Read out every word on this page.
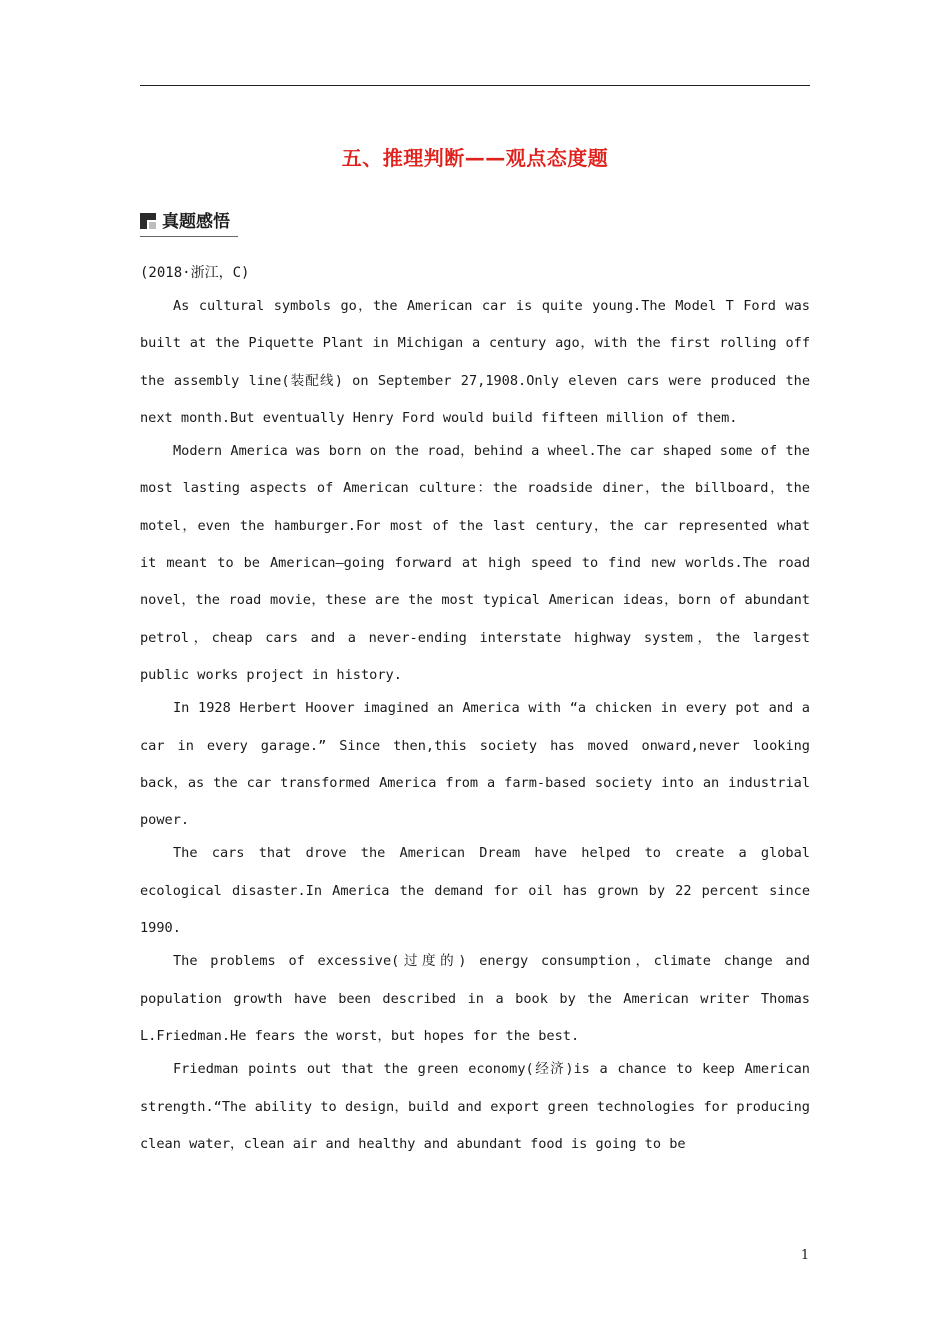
五、推理判断——观点态度题
真题感悟
(2018·浙江，C)

As cultural symbols go，the American car is quite young.The Model T Ford was built at the Piquette Plant in Michigan a century ago，with the first rolling off the assembly line(装配线) on September 27,1908.Only eleven cars were produced the next month.But eventually Henry Ford would build fifteen million of them.

Modern America was born on the road，behind a wheel.The car shaped some of the most lasting aspects of American culture：the roadside diner，the billboard，the motel，even the hamburger.For most of the last century，the car represented what it meant to be American—going forward at high speed to find new worlds.The road novel，the road movie，these are the most typical American ideas，born of abundant petrol，cheap cars and a never-ending interstate highway system，the largest public works project in history.

In 1928 Herbert Hoover imagined an America with “a chicken in every pot and a car in every garage.” Since then,this society has moved onward,never looking back，as the car transformed America from a farm-based society into an industrial power.

The cars that drove the American Dream have helped to create a global ecological disaster.In America the demand for oil has grown by 22 percent since 1990.

The problems of excessive(过度的) energy consumption，climate change and population growth have been described in a book by the American writer Thomas L.Friedman.He fears the worst，but hopes for the best.

Friedman points out that the green economy(经济)is a chance to keep American strength.“The ability to design，build and export green technologies for producing clean water，clean air and healthy and abundant food is going to be

1
